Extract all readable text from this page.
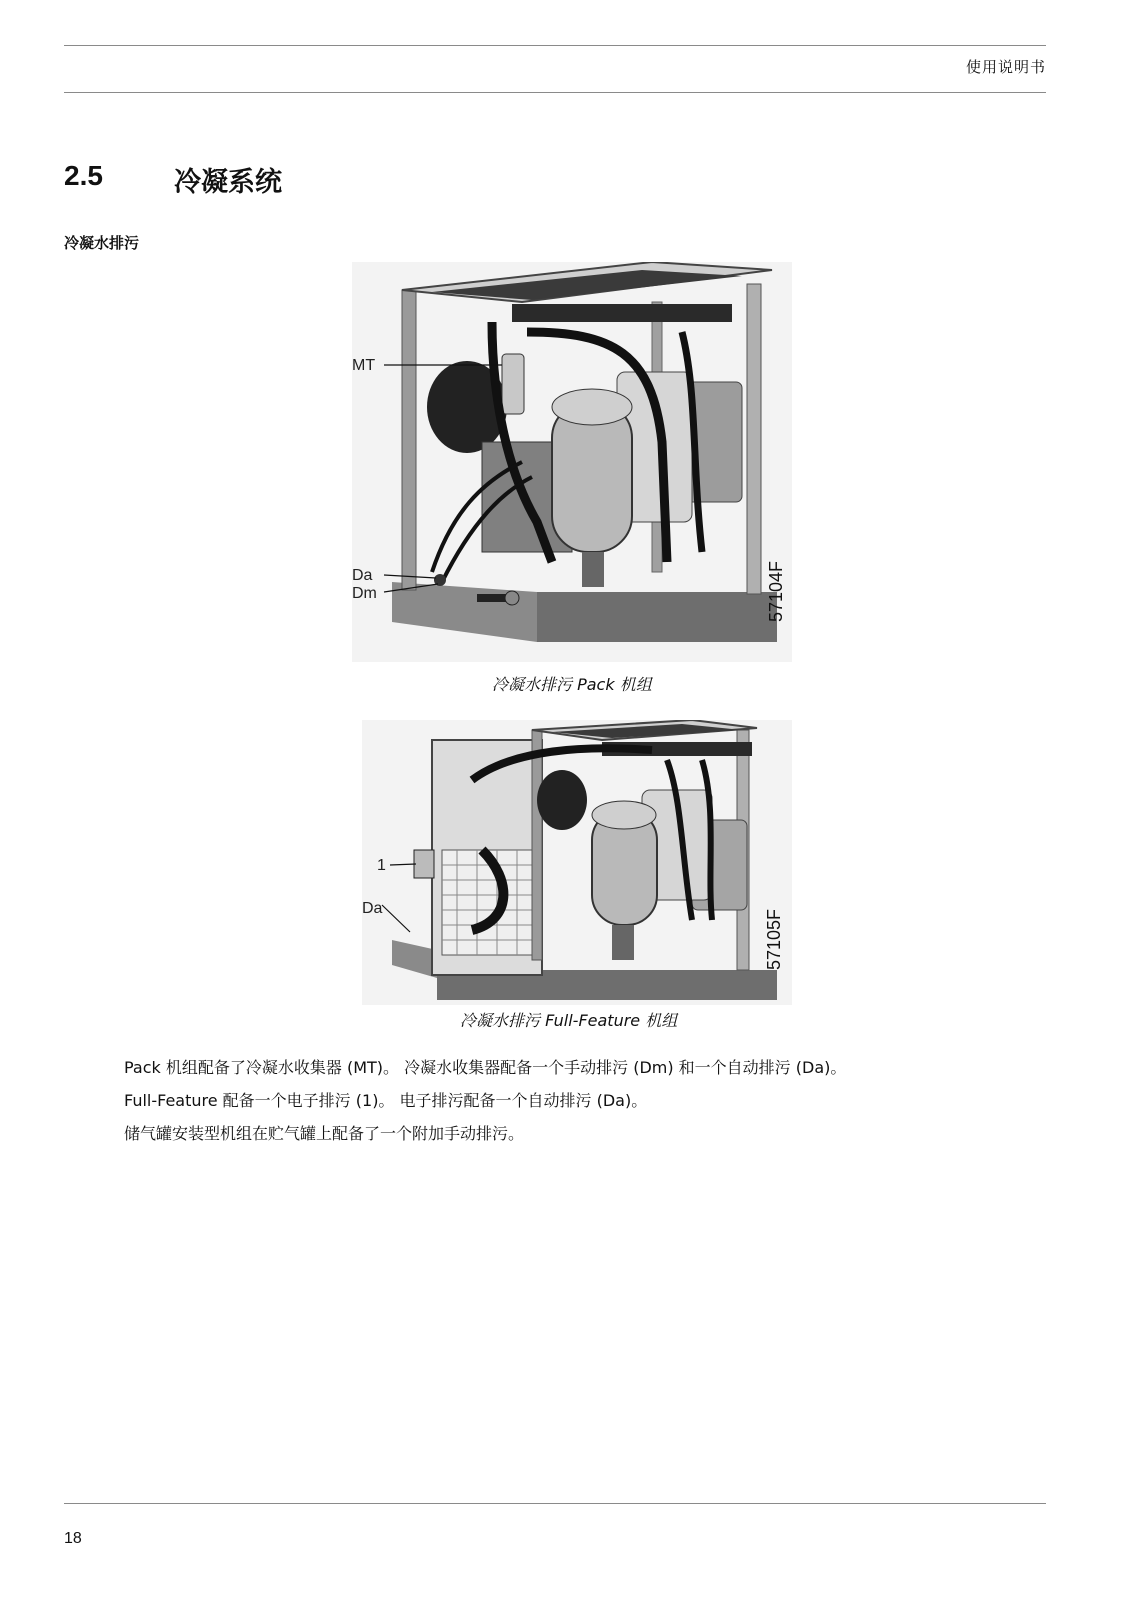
使用说明书
2.5	冷凝系统
冷凝水排污
MT
Da
Dm	57104F
冷凝水排污 Pack 机组
1
Da
57105F
冷凝水排污 Full-Feature 机组
Pack 机组配备了冷凝水收集器 (MT)。 冷凝水收集器配备一个手动排污 (Dm) 和一个自动排污 (Da)。
Full-Feature 配备一个电子排污 (1)。 电子排污配备一个自动排污 (Da)。
储气罐安装型机组在贮气罐上配备了一个附加手动排污。
18
